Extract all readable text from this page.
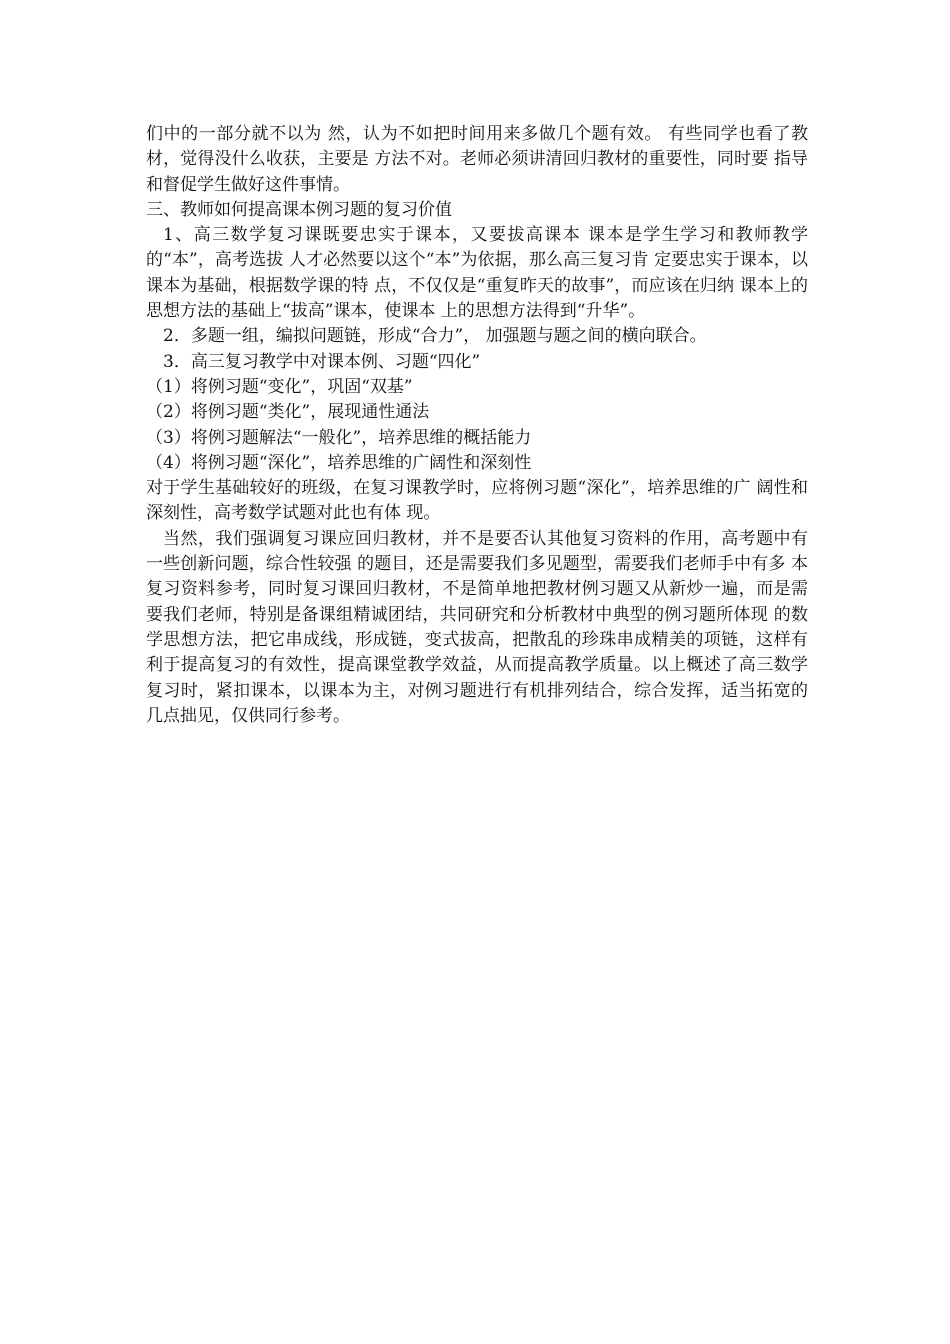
们中的一部分就不以为 然，认为不如把时间用来多做几个题有效。 有些同学也看了教材，觉得没什么收获，主要是 方法不对。老师必须讲清回归教材的重要性，同时要 指导和督促学生做好这件事情。

三、教师如何提高课本例习题的复习价值

1、高三数学复习课既要忠实于课本，又要拔高课本 课本是学生学习和教师教学的“本”，高考选拔 人才必然要以这个“本”为依据，那么高三复习肯 定要忠实于课本，以课本为基础，根据数学课的特 点，不仅仅是“重复昨天的故事”，而应该在归纳 课本上的思想方法的基础上“拔高”课本，使课本 上的思想方法得到“升华”。

2．多题一组，编拟问题链，形成“合力”， 加强题与题之间的横向联合。

3．高三复习教学中对课本例、习题“四化”

（1）将例习题“变化”，巩固“双基”

（2）将例习题“类化”，展现通性通法

（3）将例习题解法“一般化”，培养思维的概括能力

（4）将例习题“深化”，培养思维的广阔性和深刻性

对于学生基础较好的班级，在复习课教学时，应将例习题“深化”，培养思维的广 阔性和深刻性，高考数学试题对此也有体 现。

当然，我们强调复习课应回归教材，并不是要否认其他复习资料的作用，高考题中有一些创新问题，综合性较强 的题目，还是需要我们多见题型，需要我们老师手中有多 本复习资料参考，同时复习课回归教材，不是简单地把教材例习题又从新炒一遍，而是需要我们老师，特别是备课组精诚团结，共同研究和分析教材中典型的例习题所体现 的数学思想方法，把它串成线，形成链，变式拔高，把散乱的珍珠串成精美的项链，这样有利于提高复习的有效性，提高课堂教学效益，从而提高教学质量。以上概述了高三数学复习时，紧扣课本，以课本为主，对例习题进行有机排列结合，综合发挥，适当拓宽的几点拙见，仅供同行参考。
